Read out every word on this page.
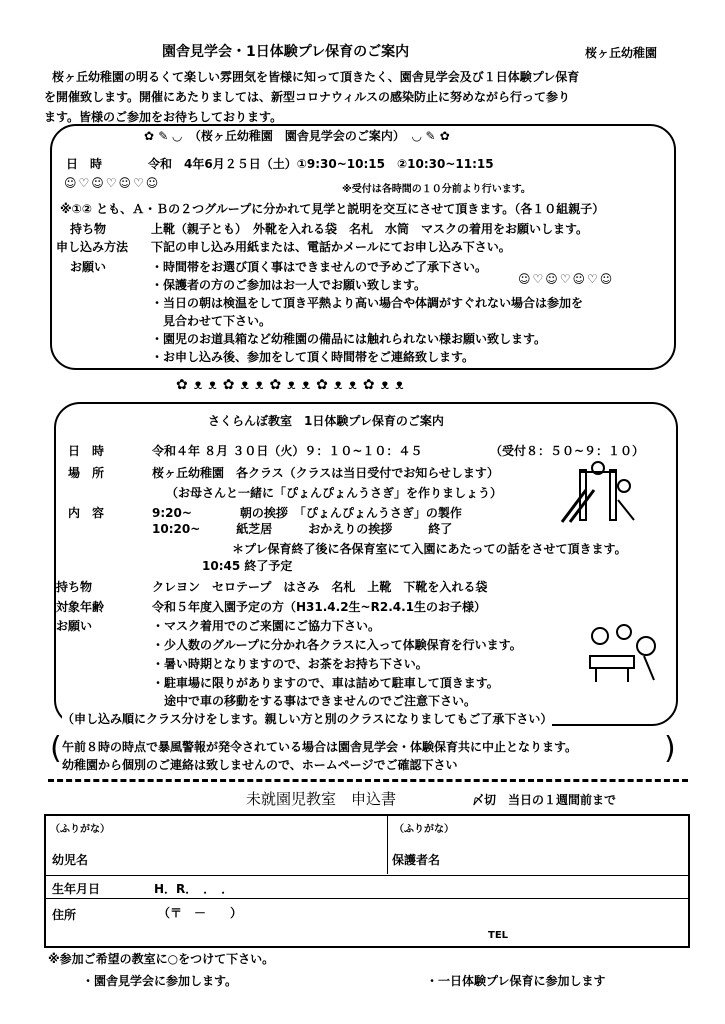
園舎見学会・1日体験プレ保育のご案内	桜ヶ丘幼稚園
桜ヶ丘幼稚園の明るくて楽しい雰囲気を皆様に知って頂きたく、園舎見学会及び１日体験プレ保育
を開催致します。開催にあたりましては、新型コロナウィルスの感染防止に努めながら行って参り
ます。皆様のご参加をお待ちしております。
✿ ✎ ◡ （桜ヶ丘幼稚園　園舎見学会のご案内） ◡ ✎ ✿
日　時	令和　4年6月２５日（土）①9:30~10:15　②10:30~11:15
☺♡☺♡☺♡☺	※受付は各時間の１０分前より行います。
※①② とも、Ａ・Ｂの２つグループに分かれて見学と説明を交互にさせて頂きます。（各１０組親子）
持ち物	上靴（親子とも）　外靴を入れる袋　名札　水筒　マスクの着用をお願いします。
申し込み方法 下記の申し込み用紙または、電話かメールにてお申し込み下さい。
お願い	・時間帯をお選び頂く事はできませんので予めご了承下さい。
・保護者の方のご参加はお一人でお願い致します。	☺♡☺♡☺♡☺
・当日の朝は検温をして頂き平熱より高い場合や体調がすぐれない場合は参加を
　見合わせて下さい。
・園児のお道具箱など幼稚園の備品には触れられない様お願い致します。
・お申し込み後、参加をして頂く時間帯をご連絡致します。
✿ᴥᴥ✿ᴥᴥ✿ᴥᴥ✿ᴥᴥ✿ᴥᴥ
さくらんぼ教室　1日体験プレ保育のご案内
日　時	令和４年 ８月 ３０日（火）９：１０~１０：４５	（受付８：５０~９：１０）
場　所	桜ヶ丘幼稚園　各クラス（クラスは当日受付でお知らせします）
（お母さんと一緒に「ぴょんぴょんうさぎ」を作りましょう）
内　容	9:20~　　　　朝の挨拶　「ぴょんぴょんうさぎ」の製作
10:20~　　　紙芝居　　　おかえりの挨拶　　　終了
＊プレ保育終了後に各保育室にて入園にあたっての話をさせて頂きます。
10:45 終了予定
持ち物	クレヨン　セロテープ　はさみ　名札　上靴　下靴を入れる袋
対象年齢	令和５年度入園予定の方（H31.4.2生~R2.4.1生のお子様）
お願い	・マスク着用でのご来園にご協力下さい。
・少人数のグループに分かれ各クラスに入って体験保育を行います。
・暑い時期となりますので、お茶をお持ち下さい。
・駐車場に限りがありますので、車は詰めて駐車して頂きます。
　途中で車の移動をする事はできませんのでご注意下さい。
（申し込み順にクラス分けをします。親しい方と別のクラスになりましてもご了承下さい）
(	)
午前８時の時点で暴風警報が発令されている場合は園舎見学会・体験保育共に中止となります。
幼稚園から個別のご連絡は致しませんので、ホームページでご確認下さい
未就園児教室　申込書	〆切　当日の１週間前まで
（ふりがな）
幼児名
（ふりがな）
保護者名
生年月日	H．R．　．　．
住所	（〒　－　　）
TEL
※参加ご希望の教室に○をつけて下さい。
・園舎見学会に参加します。	・一日体験プレ保育に参加します
